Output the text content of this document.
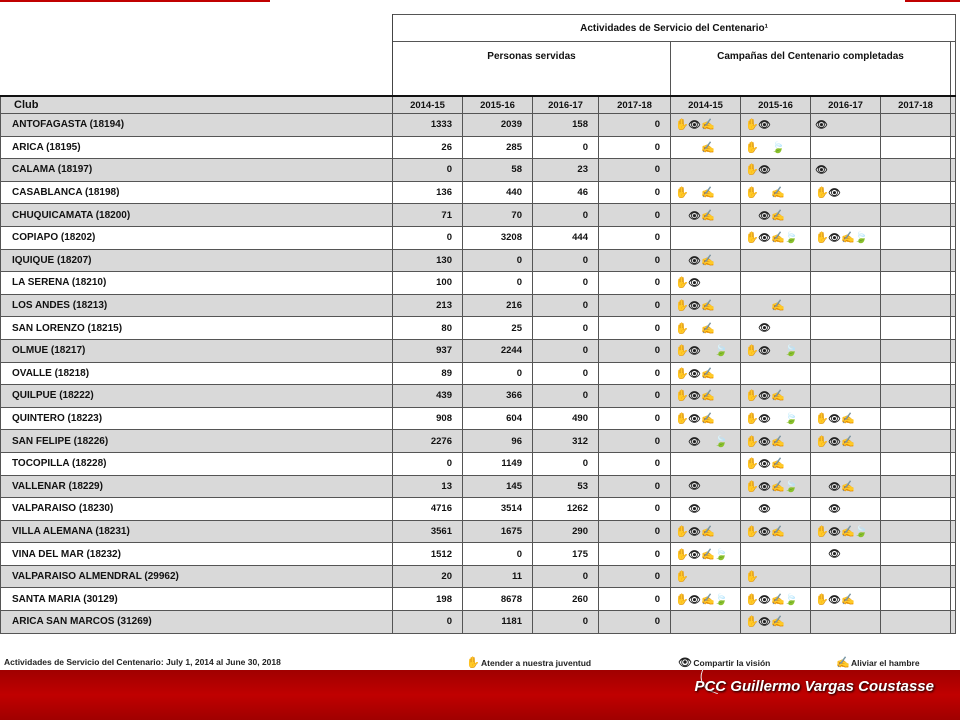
	Actividades de Servicio del Centenario¹								
	Personas servidas				Campañas del Centenario completadas				
Club	2014-15	2015-16	2016-17	2017-18	2014-15	2015-16	2016-17	2017-18	
ANTOFAGASTA (18194)	1333	2039	158	0	✋👁✍	✋👁	👁		
ARICA (18195)	26	285	0	0	✍	✋ 🍃			
CALAMA (18197)	0	58	23	0		✋👁	👁		
CASABLANCA (18198)	136	440	46	0	✋ ✍	✋ ✍	✋👁		
CHUQUICAMATA (18200)	71	70	0	0	👁✍	👁✍			
COPIAPO (18202)	0	3208	444	0		✋👁✍🍃	✋👁✍🍃		
IQUIQUE (18207)	130	0	0	0	👁✍				
LA SERENA (18210)	100	0	0	0	✋👁				
LOS ANDES (18213)	213	216	0	0	✋👁✍	✍			
SAN LORENZO (18215)	80	25	0	0	✋ ✍	👁			
OLMUE (18217)	937	2244	0	0	✋👁 🍃	✋👁 🍃			
OVALLE (18218)	89	0	0	0	✋👁✍				
QUILPUE (18222)	439	366	0	0	✋👁✍	✋👁✍			
QUINTERO (18223)	908	604	490	0	✋👁✍	✋👁 🍃	✋👁✍		
SAN FELIPE (18226)	2276	96	312	0	👁 🍃	✋👁✍	✋👁✍		
TOCOPILLA (18228)	0	1149	0	0		✋👁✍			
VALLENAR (18229)	13	145	53	0	👁	✋👁✍🍃	👁✍		
VALPARAISO (18230)	4716	3514	1262	0	👁	👁	👁		
VILLA ALEMANA (18231)	3561	1675	290	0	✋👁✍	✋👁✍	✋👁✍🍃		
VINA DEL MAR (18232)	1512	0	175	0	✋👁✍🍃		👁		
VALPARAISO ALMENDRAL (29962)	20	11	0	0	✋	✋			
SANTA MARIA (30129)	198	8678	260	0	✋👁✍🍃	✋👁✍🍃	✋👁✍		
ARICA SAN MARCOS (31269)	0	1181	0	0		✋👁✍			
Actividades de Servicio del Centenario: July 1, 2014 al June 30, 2018	✋ Atender a nuestra juventud	👁 Compartir la visión	✍ Aliviar el hambre
PCC Guillermo Vargas Coustasse
